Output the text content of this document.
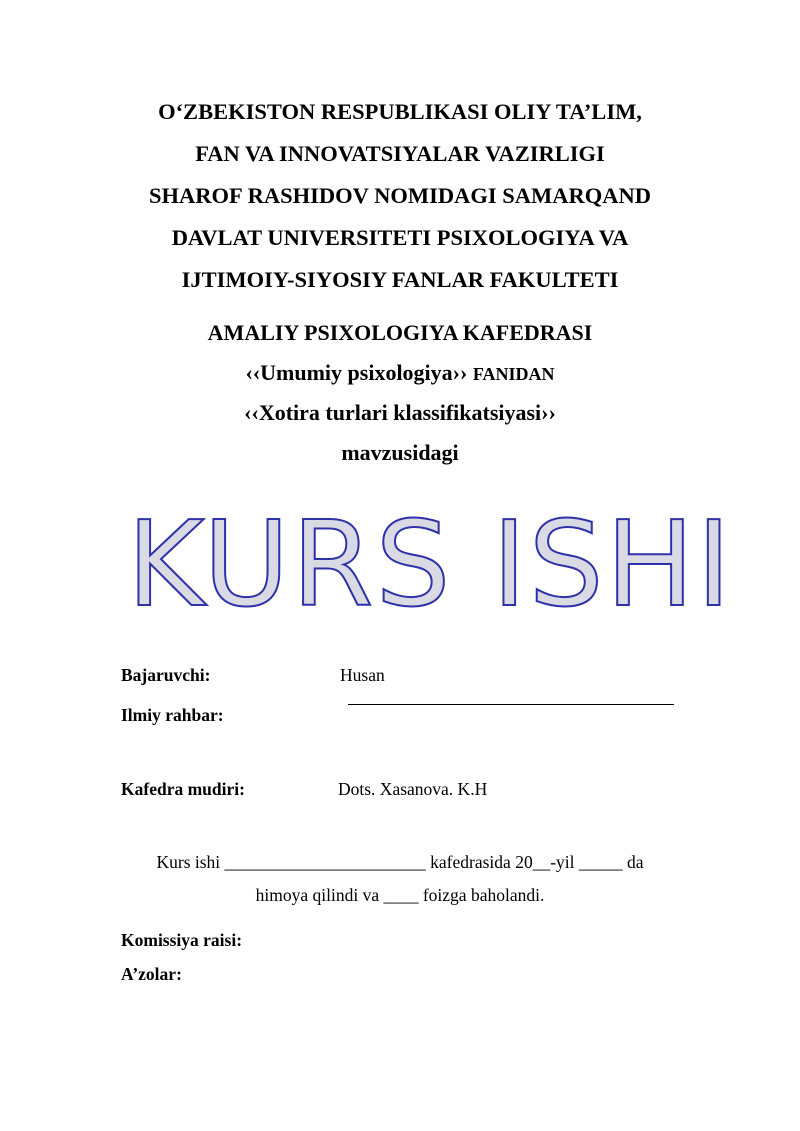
O‘ZBEKISTON RESPUBLIKASI OLIY TA’LIM,
FAN VA INNOVATSIYALAR VAZIRLIGI
SHAROF RASHIDOV NOMIDAGI SAMARQAND
DAVLAT UNIVERSITETI PSIXOLOGIYA VA
IJTIMOIY-SIYOSIY FANLAR FAKULTETI
AMALIY PSIXOLOGIYA KAFEDRASI
‹‹Umumiy psixologiya›› FANIDAN
‹‹Xotira turlari klassifikatsiyasi››
mavzusidagi
KURS ISHI
Bajaruvchi:	Husan
Ilmiy rahbar:
Kafedra mudiri:	Dots. Xasanova. K.H
Kurs ishi _______________________ kafedrasida 20__-yil _____ da
himoya qilindi va ____ foizga baholandi.
Komissiya raisi:
A’zolar:
